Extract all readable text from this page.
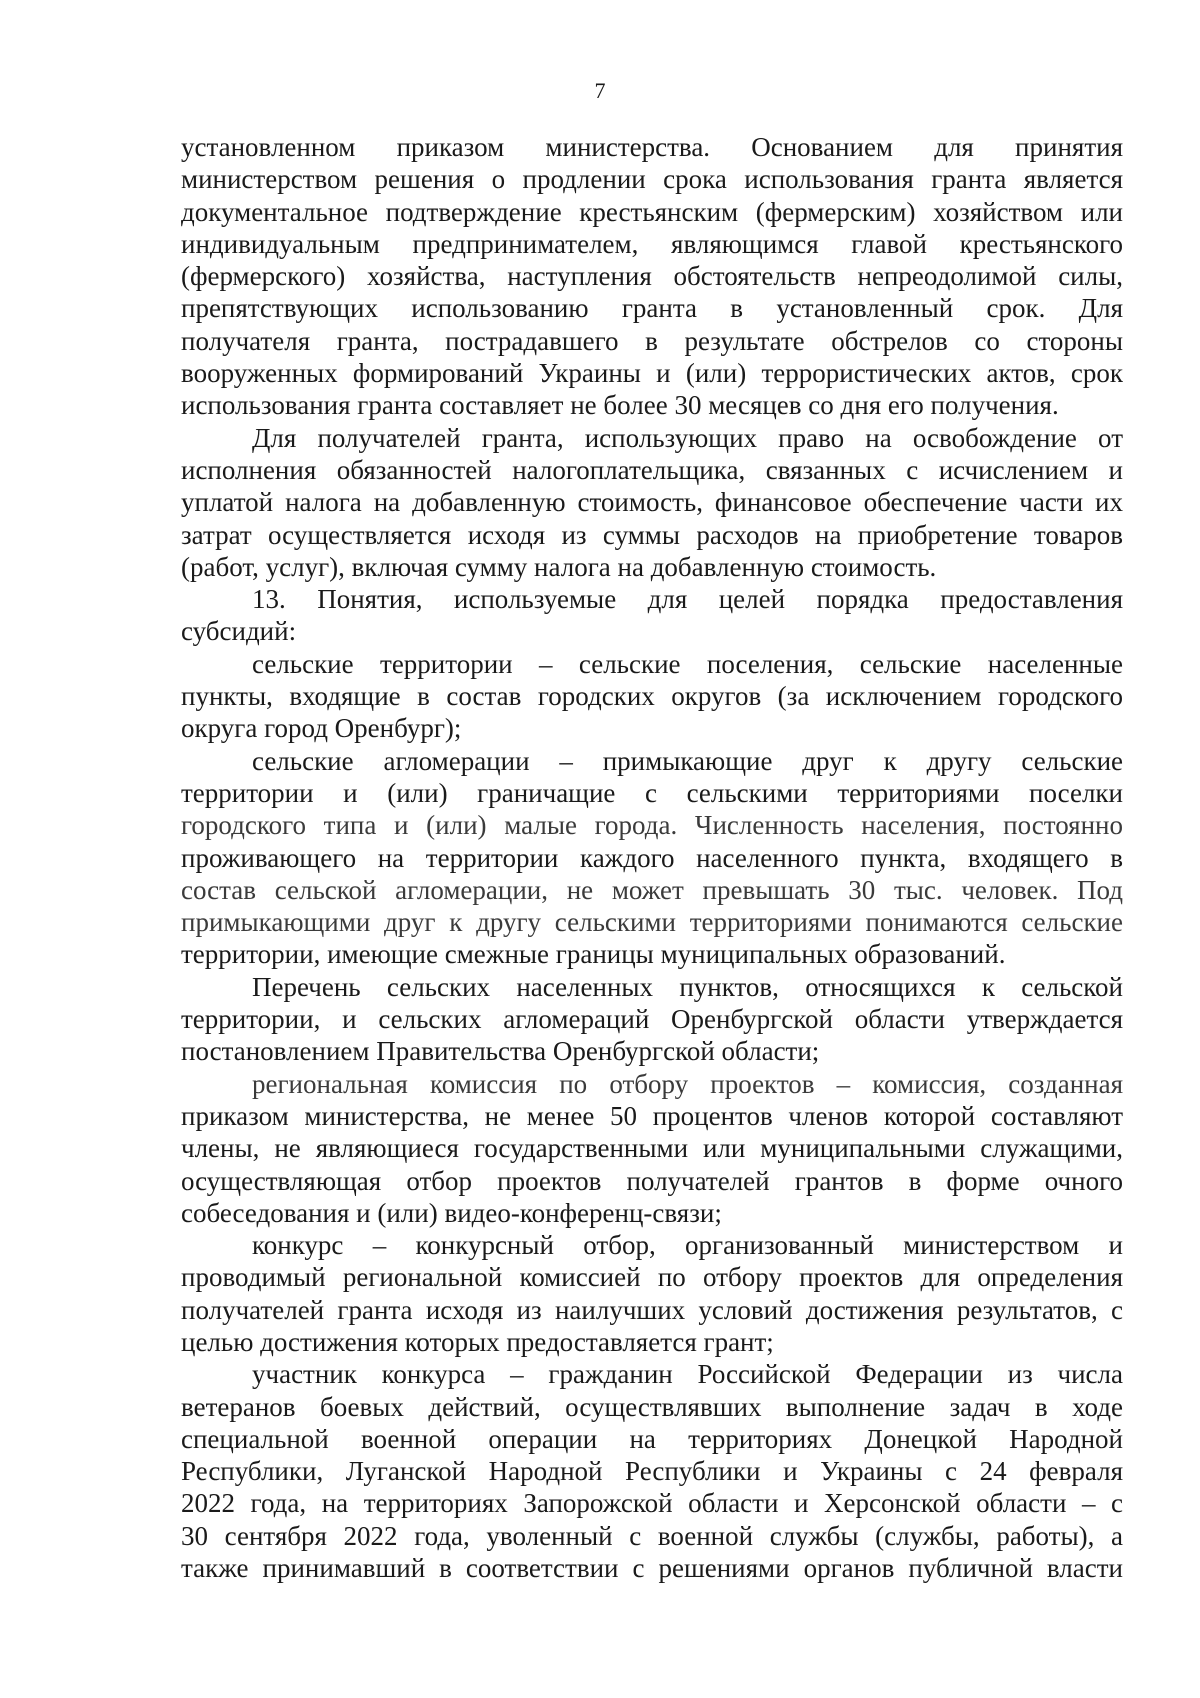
7
установленном приказом министерства. Основанием для принятия
министерством решения о продлении срока использования гранта является
документальное подтверждение крестьянским (фермерским) хозяйством или
индивидуальным предпринимателем, являющимся главой крестьянского
(фермерского) хозяйства, наступления обстоятельств непреодолимой силы,
препятствующих использованию гранта в установленный срок. Для
получателя гранта, пострадавшего в результате обстрелов со стороны
вооруженных формирований Украины и (или) террористических актов, срок
использования гранта составляет не более 30 месяцев со дня его получения.
Для получателей гранта, использующих право на освобождение от
исполнения обязанностей налогоплательщика, связанных с исчислением и
уплатой налога на добавленную стоимость, финансовое обеспечение части их
затрат осуществляется исходя из суммы расходов на приобретение товаров
(работ, услуг), включая сумму налога на добавленную стоимость.
13. Понятия, используемые для целей порядка предоставления
субсидий:
сельские территории – сельские поселения, сельские населенные
пункты, входящие в состав городских округов (за исключением городского
округа город Оренбург);
сельские агломерации – примыкающие друг к другу сельские
территории и (или) граничащие с сельскими территориями поселки
городского типа и (или) малые города. Численность населения, постоянно
проживающего на территории каждого населенного пункта, входящего в
состав сельской агломерации, не может превышать 30 тыс. человек. Под
примыкающими друг к другу сельскими территориями понимаются сельские
территории, имеющие смежные границы муниципальных образований.
Перечень сельских населенных пунктов, относящихся к сельской
территории, и сельских агломераций Оренбургской области утверждается
постановлением Правительства Оренбургской области;
региональная комиссия по отбору проектов – комиссия, созданная
приказом министерства, не менее 50 процентов членов которой составляют
члены, не являющиеся государственными или муниципальными служащими,
осуществляющая отбор проектов получателей грантов в форме очного
собеседования и (или) видео-конференц-связи;
конкурс – конкурсный отбор, организованный министерством и
проводимый региональной комиссией по отбору проектов для определения
получателей гранта исходя из наилучших условий достижения результатов, с
целью достижения которых предоставляется грант;
участник конкурса – гражданин Российской Федерации из числа
ветеранов боевых действий, осуществлявших выполнение задач в ходе
специальной военной операции на территориях Донецкой Народной
Республики, Луганской Народной Республики и Украины с 24 февраля
2022 года, на территориях Запорожской области и Херсонской области – с
30 сентября 2022 года, уволенный с военной службы (службы, работы), а
также принимавший в соответствии с решениями органов публичной власти
